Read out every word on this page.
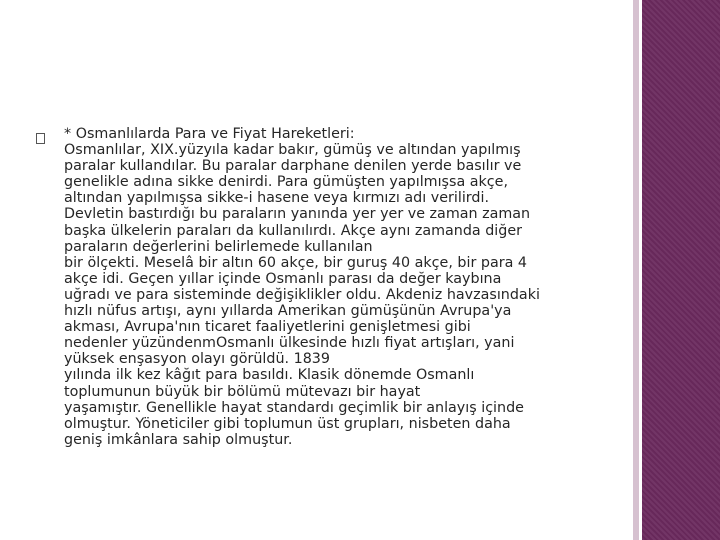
* Osmanlılarda Para ve Fiyat Hareketleri:
Osmanlılar, XIX.yüzyıla kadar bakır, gümüş ve altından yapılmış
paralar kullandılar. Bu paralar darphane denilen yerde basılır ve
genelikle adına sikke denirdi. Para gümüşten yapılmışsa akçe,
altından yapılmışsa sikke-i hasene veya kırmızı adı verilirdi.
Devletin bastırdığı bu paraların yanında yer yer ve zaman zaman
başka ülkelerin paraları da kullanılırdı. Akçe aynı zamanda diğer
paraların değerlerini belirlemede kullanılan
bir ölçekti. Meselâ bir altın 60 akçe, bir guruş 40 akçe, bir para 4
akçe idi. Geçen yıllar içinde Osmanlı parası da değer kaybına
uğradı ve para sisteminde değişiklikler oldu. Akdeniz havzasındaki
hızlı nüfus artışı, aynı yıllarda Amerikan gümüşünün Avrupa'ya
akması, Avrupa'nın ticaret faaliyetlerini genişletmesi gibi
nedenler yüzündenmOsmanlı ülkesinde hızlı fiyat artışları, yani
yüksek enşasyon olayı görüldü. 1839
yılında ilk kez kâğıt para basıldı. Klasik dönemde Osmanlı
toplumunun büyük bir bölümü mütevazı bir hayat
yaşamıştır. Genellikle hayat standardı geçimlik bir anlayış içinde
olmuştur. Yöneticiler gibi toplumun üst grupları, nisbeten daha
geniş imkânlara sahip olmuştur.
